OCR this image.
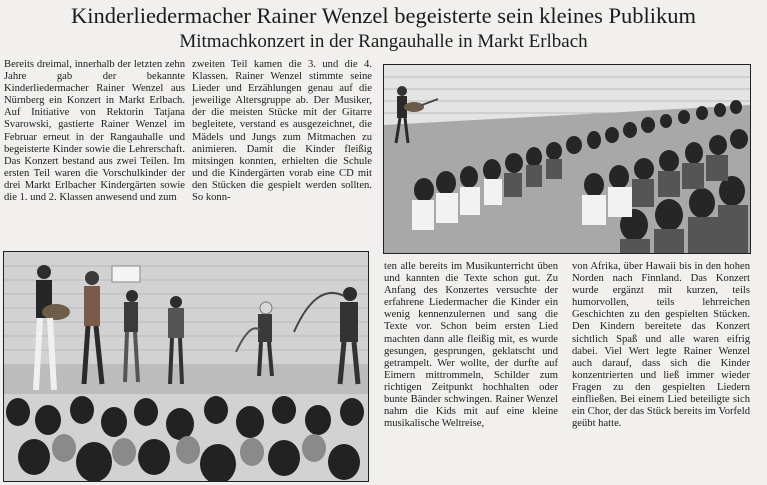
Kinderliedermacher Rainer Wenzel begeisterte sein kleines Publikum
Mitmachkonzert in der Rangauhalle in Markt Erlbach

Bereits dreimal, innerhalb der letzten zehn Jahre gab der bekannte Kinderliedermacher Rainer Wenzel aus Nürnberg ein Konzert in Markt Erlbach. Auf Initiative von Rektorin Tatjana Svarowski, gastierte Rainer Wenzel im Februar erneut in der Rangauhalle und begeisterte Kinder sowie die Lehrerschaft. Das Konzert bestand aus zwei Teilen. Im ersten Teil waren die Vorschulkinder der drei Markt Erlbacher Kindergärten sowie die 1. und 2. Klassen anwesend und zum

zweiten Teil kamen die 3. und die 4. Klassen. Rainer Wenzel stimmte seine Lieder und Erzählungen genau auf die jeweilige Altersgruppe ab. Der Musiker, der die meisten Stücke mit der Gitarre begleitete, verstand es ausgezeichnet, die Mädels und Jungs zum Mitmachen zu animieren. Damit die Kinder fleißig mitsingen konnten, erhielten die Schule und die Kindergärten vorab eine CD mit den Stücken die gespielt werden sollten. So konn-

ten alle bereits im Musikunterricht üben und kannten die Texte schon gut. Zu Anfang des Konzertes versuchte der erfahrene Liedermacher die Kinder ein wenig kennenzulernen und sang die Texte vor. Schon beim ersten Lied machten dann alle fleißig mit, es wurde gesungen, gesprungen, geklatscht und getrampelt. Wer wollte, der durfte auf Eimern mittrommeln, Schilder zum richtigen Zeitpunkt hochhalten oder bunte Bänder schwingen. Rainer Wenzel nahm die Kids mit auf eine kleine musikalische Weltreise,

von Afrika, über Hawaii bis in den hohen Norden nach Finnland. Das Konzert wurde ergänzt mit kurzen, teils humorvollen, teils lehrreichen Geschichten zu den gespielten Stücken. Den Kindern bereitete das Konzert sichtlich Spaß und alle waren eifrig dabei. Viel Wert legte Rainer Wenzel auch darauf, dass sich die Kinder konzentrierten und ließ immer wieder Fragen zu den gespielten Liedern einfließen. Bei einem Lied beteiligte sich ein Chor, der das Stück bereits im Vorfeld geübt hatte.
